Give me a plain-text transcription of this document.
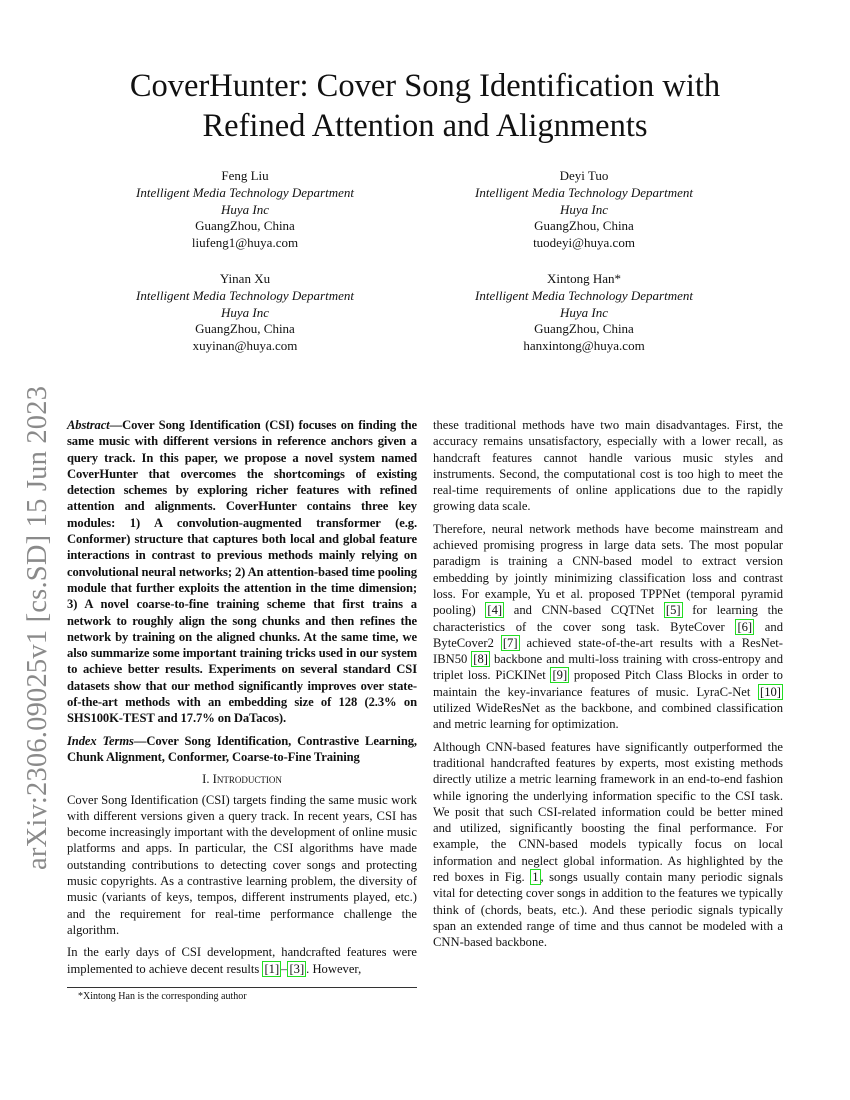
arXiv:2306.09025v1 [cs.SD] 15 Jun 2023
CoverHunter: Cover Song Identification with
Refined Attention and Alignments
Feng Liu
Intelligent Media Technology Department
Huya Inc
GuangZhou, China
liufeng1@huya.com
Deyi Tuo
Intelligent Media Technology Department
Huya Inc
GuangZhou, China
tuodeyi@huya.com
Yinan Xu
Intelligent Media Technology Department
Huya Inc
GuangZhou, China
xuyinan@huya.com
Xintong Han*
Intelligent Media Technology Department
Huya Inc
GuangZhou, China
hanxintong@huya.com

Abstract—Cover Song Identification (CSI) focuses on finding the same music with different versions in reference anchors given a query track. In this paper, we propose a novel system named CoverHunter that overcomes the shortcomings of existing detection schemes by exploring richer features with refined attention and alignments. CoverHunter contains three key modules: 1) A convolution-augmented transformer (e.g. Conformer) structure that captures both local and global feature interactions in contrast to previous methods mainly relying on convolutional neural networks; 2) An attention-based time pooling module that further exploits the attention in the time dimension; 3) A novel coarse-to-fine training scheme that first trains a network to roughly align the song chunks and then refines the network by training on the aligned chunks. At the same time, we also summarize some important training tricks used in our system to achieve better results. Experiments on several standard CSI datasets show that our method significantly improves over state-of-the-art methods with an embedding size of 128 (2.3% on SHS100K-TEST and 17.7% on DaTacos).

Index Terms—Cover Song Identification, Contrastive Learning, Chunk Alignment, Conformer, Coarse-to-Fine Training

I. Introduction

Cover Song Identification (CSI) targets finding the same music work with different versions given a query track. In recent years, CSI has become increasingly important with the development of online music platforms and apps. In particular, the CSI algorithms have made outstanding contributions to detecting cover songs and protecting music copyrights. As a contrastive learning problem, the diversity of music (variants of keys, tempos, different instruments played, etc.) and the requirement for real-time performance challenge the algorithm.

In the early days of CSI development, handcrafted features were implemented to achieve decent results [1] – [3] . However,

*Xintong Han is the corresponding author

these traditional methods have two main disadvantages. First, the accuracy remains unsatisfactory, especially with a lower recall, as handcraft features cannot handle various music styles and instruments. Second, the computational cost is too high to meet the real-time requirements of online applications due to the rapidly growing data scale.

Therefore, neural network methods have become mainstream and achieved promising progress in large data sets. The most popular paradigm is training a CNN-based model to extract version embedding by jointly minimizing classification loss and contrast loss. For example, Yu et al. proposed TPPNet (temporal pyramid pooling) [4] and CNN-based CQTNet [5] for learning the characteristics of the cover song task. ByteCover [6] and ByteCover2 [7] achieved state-of-the-art results with a ResNet-IBN50 [8] backbone and multi-loss training with cross-entropy and triplet loss. PiCKINet [9] proposed Pitch Class Blocks in order to maintain the key-invariance features of music. LyraC-Net [10] utilized WideResNet as the backbone, and combined classification and metric learning for optimization.

Although CNN-based features have significantly outperformed the traditional handcrafted features by experts, most existing methods directly utilize a metric learning framework in an end-to-end fashion while ignoring the underlying information specific to the CSI task. We posit that such CSI-related information could be better mined and utilized, significantly boosting the final performance. For example, the CNN-based models typically focus on local information and neglect global information. As highlighted by the red boxes in Fig. 1 , songs usually contain many periodic signals vital for detecting cover songs in addition to the features we typically think of (chords, beats, etc.). And these periodic signals typically span an extended range of time and thus cannot be modeled with a CNN-based backbone.
